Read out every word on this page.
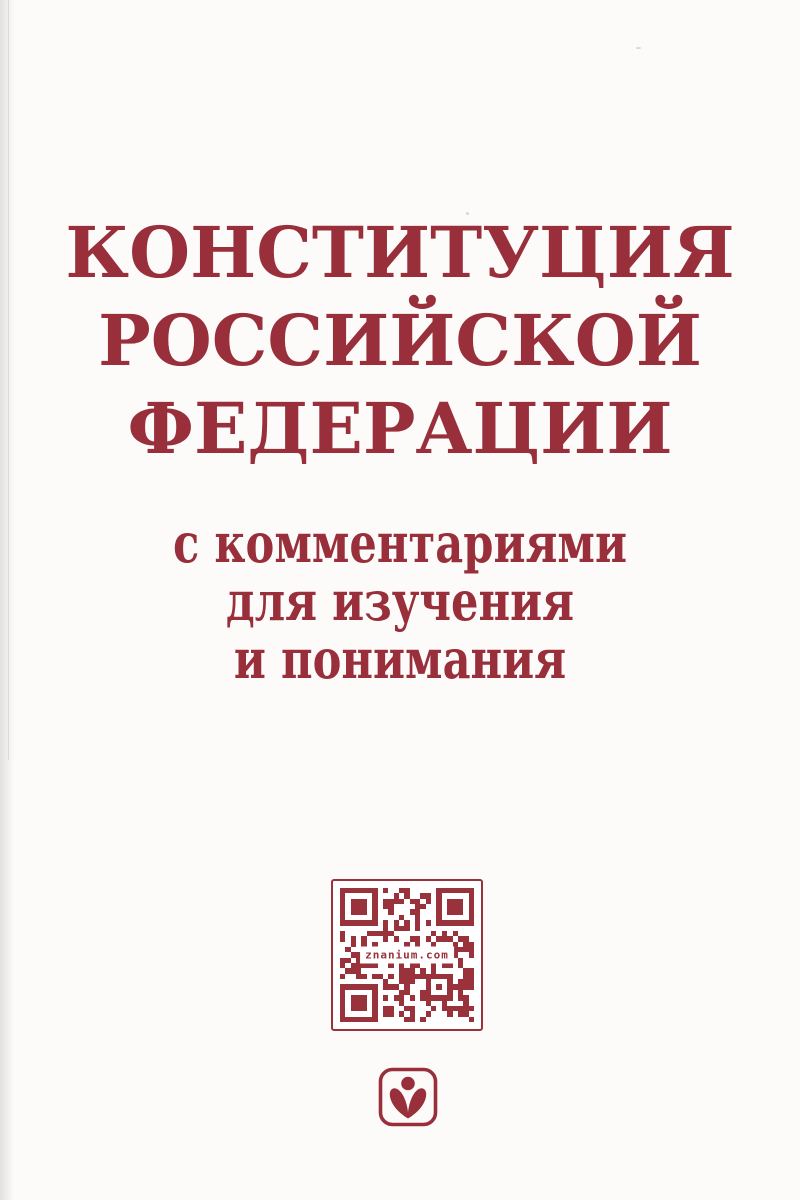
КОНСТИТУЦИЯ
РОССИЙСКОЙ
ФЕДЕРАЦИИ
с комментариями
для изучения
и понимания
znanium.com
